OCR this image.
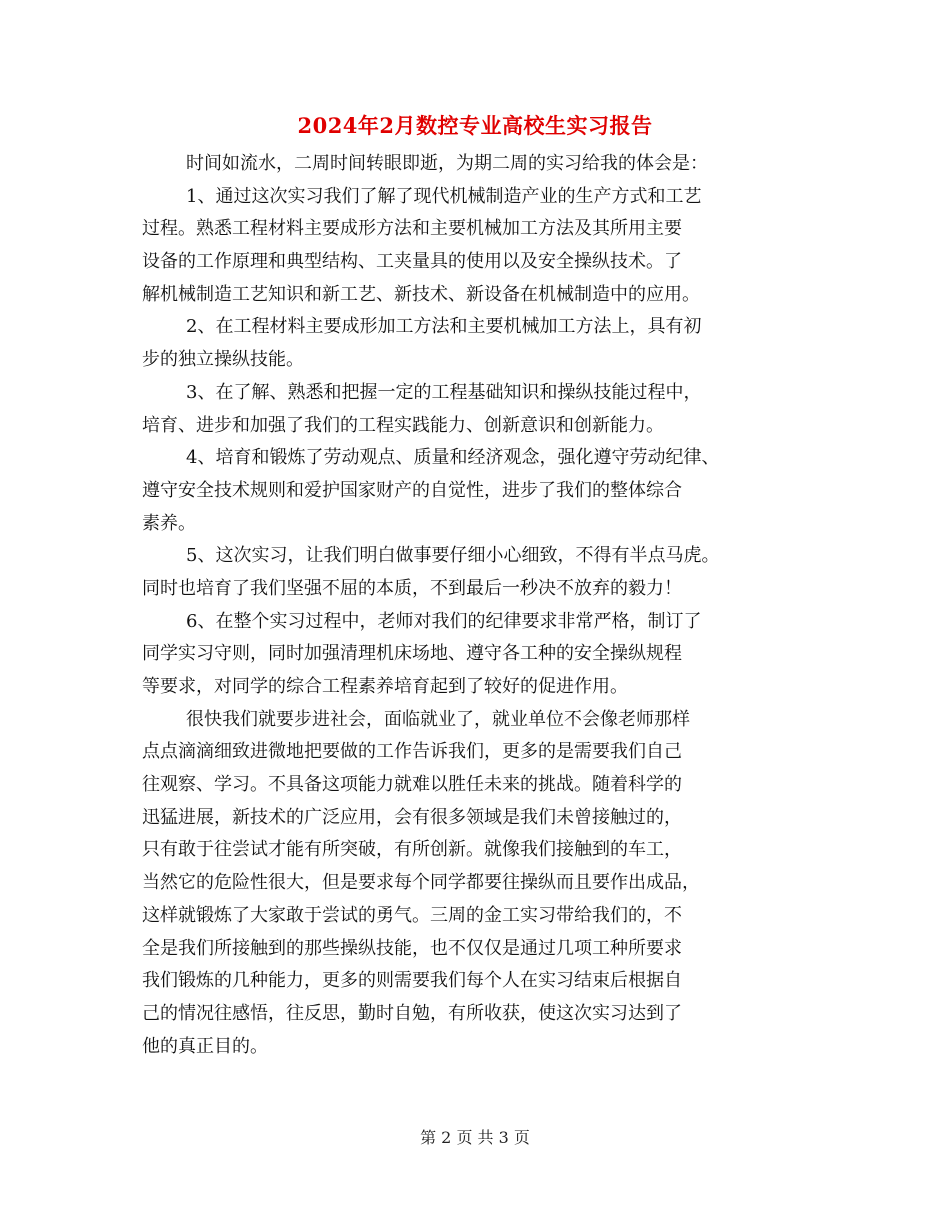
2024年2月数控专业高校生实习报告
时间如流水，二周时间转眼即逝，为期二周的实习给我的体会是：
1、通过这次实习我们了解了现代机械制造产业的生产方式和工艺
过程。熟悉工程材料主要成形方法和主要机械加工方法及其所用主要
设备的工作原理和典型结构、工夹量具的使用以及安全操纵技术。了
解机械制造工艺知识和新工艺、新技术、新设备在机械制造中的应用。
2、在工程材料主要成形加工方法和主要机械加工方法上，具有初
步的独立操纵技能。
3、在了解、熟悉和把握一定的工程基础知识和操纵技能过程中，
培育、进步和加强了我们的工程实践能力、创新意识和创新能力。
4、培育和锻炼了劳动观点、质量和经济观念，强化遵守劳动纪律、
遵守安全技术规则和爱护国家财产的自觉性，进步了我们的整体综合
素养。
5、这次实习，让我们明白做事要仔细小心细致，不得有半点马虎。
同时也培育了我们坚强不屈的本质，不到最后一秒决不放弃的毅力！
6、在整个实习过程中，老师对我们的纪律要求非常严格，制订了
同学实习守则，同时加强清理机床场地、遵守各工种的安全操纵规程
等要求，对同学的综合工程素养培育起到了较好的促进作用。
很快我们就要步进社会，面临就业了，就业单位不会像老师那样
点点滴滴细致进微地把要做的工作告诉我们，更多的是需要我们自己
往观察、学习。不具备这项能力就难以胜任未来的挑战。随着科学的
迅猛进展，新技术的广泛应用，会有很多领域是我们未曾接触过的，
只有敢于往尝试才能有所突破，有所创新。就像我们接触到的车工，
当然它的危险性很大，但是要求每个同学都要往操纵而且要作出成品，
这样就锻炼了大家敢于尝试的勇气。三周的金工实习带给我们的，不
全是我们所接触到的那些操纵技能，也不仅仅是通过几项工种所要求
我们锻炼的几种能力，更多的则需要我们每个人在实习结束后根据自
己的情况往感悟，往反思，勤时自勉，有所收获，使这次实习达到了
他的真正目的。
第 2 页 共 3 页
